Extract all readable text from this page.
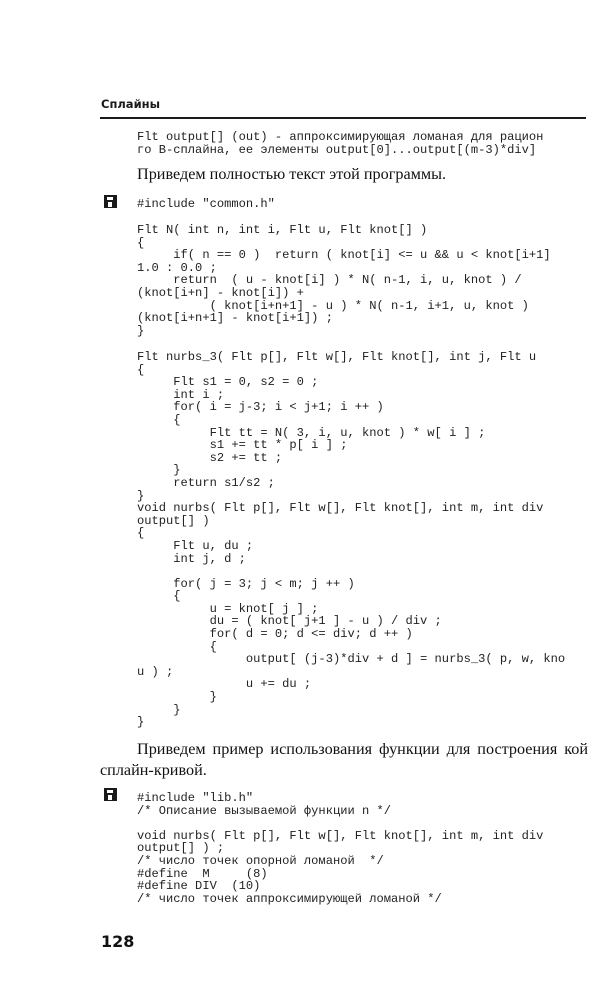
Сплайны
Flt output[] (out) - аппроксимирующая ломаная для рацион
го B-сплайна, ее элементы output[0]...output[(m-3)*div]

Приведем полностью текст этой программы.

#include "common.h"
Flt N( int n, int i, Flt u, Flt knot[] )
{
if( n == 0 )  return ( knot[i] <= u && u < knot[i+1]
1.0 : 0.0 ;
return  ( u - knot[i] ) * N( n-1, i, u, knot ) /
(knot[i+n] - knot[i]) +
( knot[i+n+1] - u ) * N( n-1, i+1, u, knot )
(knot[i+n+1] - knot[i+1]) ;
}
Flt nurbs_3( Flt p[], Flt w[], Flt knot[], int j, Flt u
{
Flt s1 = 0, s2 = 0 ;
int i ;
for( i = j-3; i < j+1; i ++ )
{
Flt tt = N( 3, i, u, knot ) * w[ i ] ;
s1 += tt * p[ i ] ;
s2 += tt ;
}
return s1/s2 ;
}
void nurbs( Flt p[], Flt w[], Flt knot[], int m, int div
output[] )
{
Flt u, du ;
int j, d ;

for( j = 3; j < m; j ++ )
{
u = knot[ j ] ;
du = ( knot[ j+1 ] - u ) / div ;
for( d = 0; d <= div; d ++ )
{
output[ (j-3)*div + d ] = nurbs_3( p, w, kno
u ) ;
u += du ;
}
}
}

Приведем пример использования функции для построения кой сплайн-кривой.

#include "lib.h"
/* Описание вызываемой функции n */

void nurbs( Flt p[], Flt w[], Flt knot[], int m, int div
output[] ) ;
/* число точек опорной ломаной  */
#define  M     (8)
#define DIV  (10)
/* число точек аппроксимирующей ломаной */
128
